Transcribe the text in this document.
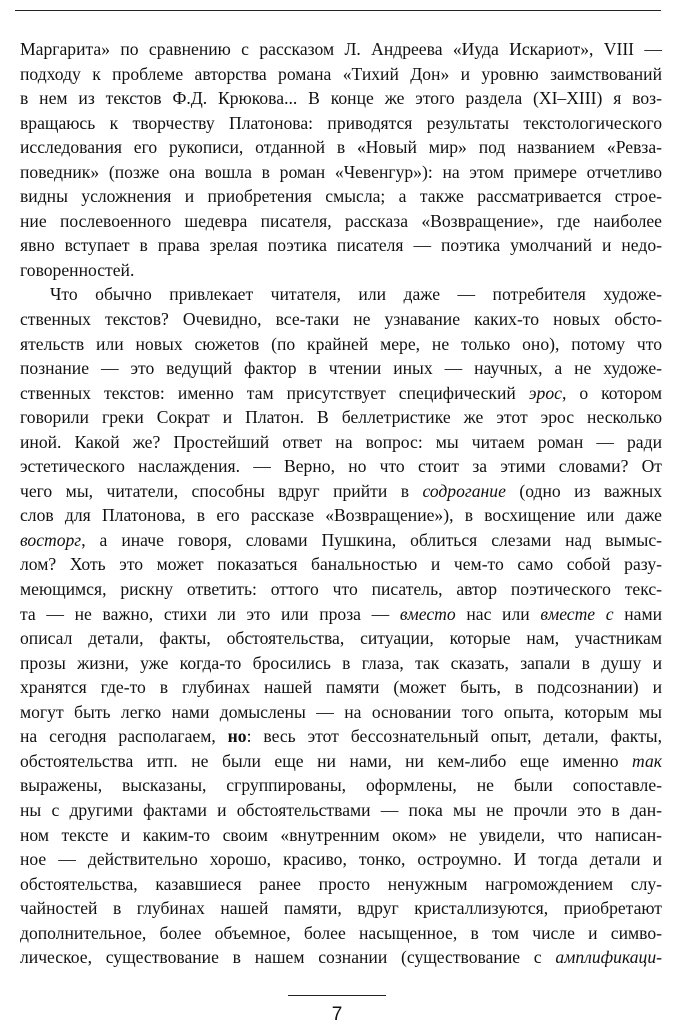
Маргарита» по сравнению с рассказом Л. Андреева «Иуда Искариот», VIII —
подходу к проблеме авторства романа «Тихий Дон» и уровню заимствований
в нем из текстов Ф.Д. Крюкова... В конце же этого раздела (XI–XIII) я воз-
вращаюсь к творчеству Платонова: приводятся результаты текстологического
исследования его рукописи, отданной в «Новый мир» под названием «Ревза-
поведник» (позже она вошла в роман «Чевенгур»): на этом примере отчетливо
видны усложнения и приобретения смысла; а также рассматривается строе-
ние послевоенного шедевра писателя, рассказа «Возвращение», где наиболее
явно вступает в права зрелая поэтика писателя — поэтика умолчаний и недо-
говоренностей.
Что обычно привлекает читателя, или даже — потребителя художе-
ственных текстов? Очевидно, все-таки не узнавание каких-то новых обсто-
ятельств или новых сюжетов (по крайней мере, не только оно), потому что
познание — это ведущий фактор в чтении иных — научных, а не художе-
ственных текстов: именно там присутствует специфический эрос, о котором
говорили греки Сократ и Платон. В беллетристике же этот эрос несколько
иной. Какой же? Простейший ответ на вопрос: мы читаем роман — ради
эстетического наслаждения. — Верно, но что стоит за этими словами? От
чего мы, читатели, способны вдруг прийти в содрогание (одно из важных
слов для Платонова, в его рассказе «Возвращение»), в восхищение или даже
восторг, а иначе говоря, словами Пушкина, облиться слезами над вымыс-
лом? Хоть это может показаться банальностью и чем-то само собой разу-
меющимся, рискну ответить: оттого что писатель, автор поэтического текс-
та — не важно, стихи ли это или проза — вместо нас или вместе с нами
описал детали, факты, обстоятельства, ситуации, которые нам, участникам
прозы жизни, уже когда-то бросились в глаза, так сказать, запали в душу и
хранятся где-то в глубинах нашей памяти (может быть, в подсознании) и
могут быть легко нами домыслены — на основании того опыта, которым мы
на сегодня располагаем, но: весь этот бессознательный опыт, детали, факты,
обстоятельства итп. не были еще ни нами, ни кем-либо еще именно так
выражены, высказаны, сгруппированы, оформлены, не были сопоставле-
ны с другими фактами и обстоятельствами — пока мы не прочли это в дан-
ном тексте и каким-то своим «внутренним оком» не увидели, что написан-
ное — действительно хорошо, красиво, тонко, остроумно. И тогда детали и
обстоятельства, казавшиеся ранее просто ненужным нагромождением слу-
чайностей в глубинах нашей памяти, вдруг кристаллизуются, приобретают
дополнительное, более объемное, более насыщенное, в том числе и симво-
лическое, существование в нашем сознании (существование с амплификаци-
7
